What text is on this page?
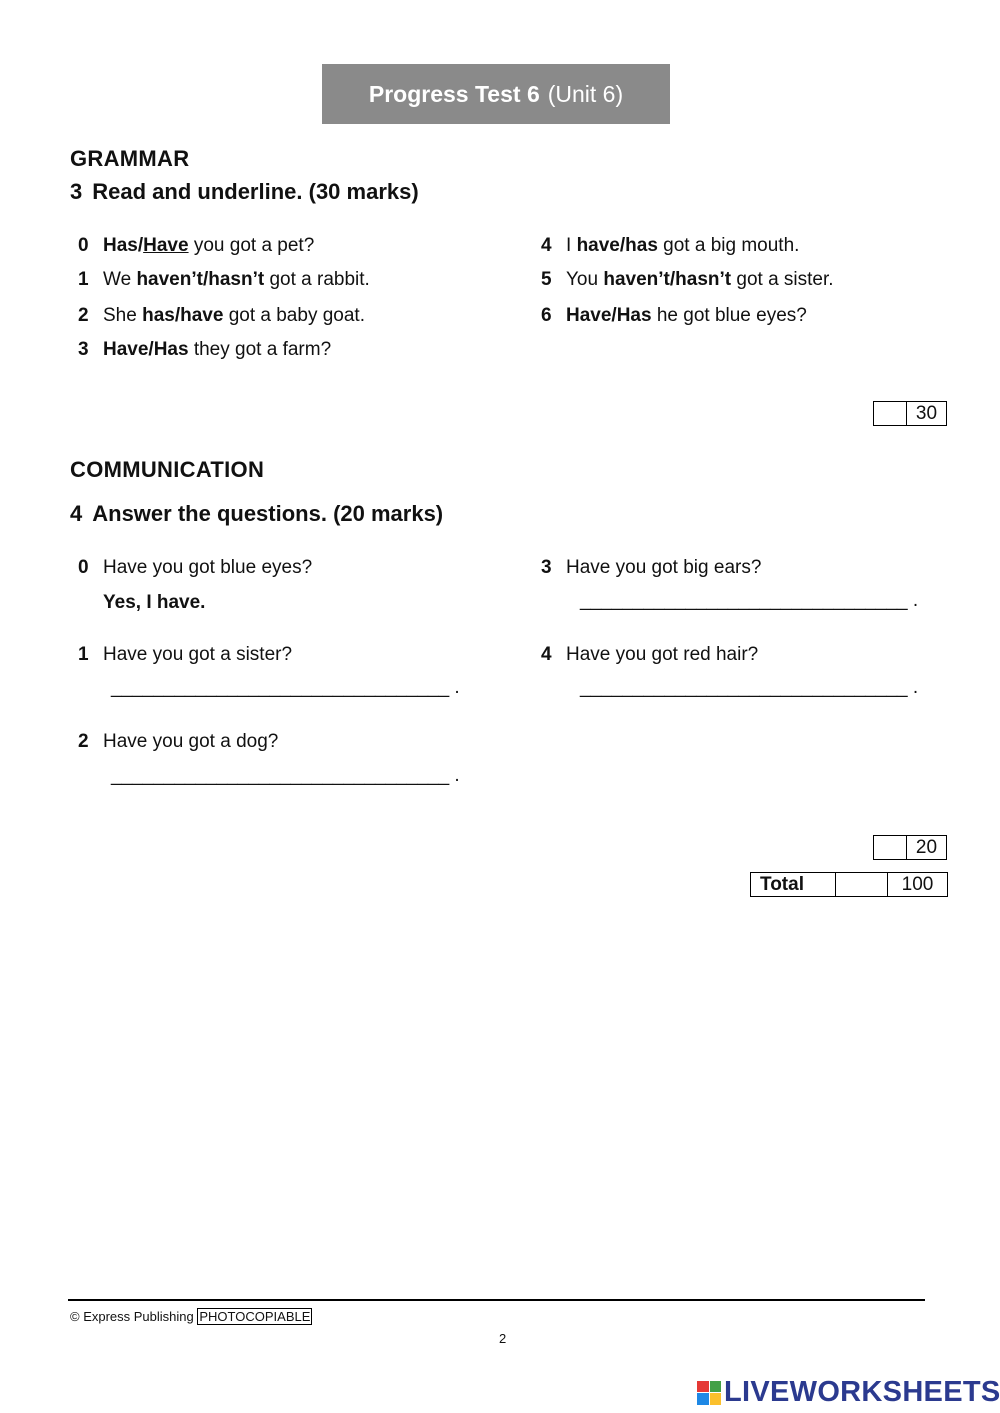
Progress Test 6 (Unit 6)
GRAMMAR
3 Read and underline. (30 marks)
0 Has/Have you got a pet?
1 We haven’t/hasn’t got a rabbit.
2 She has/have got a baby goat.
3 Have/Has they got a farm?
4 I have/has got a big mouth.
5 You haven’t/hasn’t got a sister.
6 Have/Has he got blue eyes?
30
COMMUNICATION
4 Answer the questions. (20 marks)
0 Have you got blue eyes?
Yes, I have.
1 Have you got a sister?
________________________________ .
2 Have you got a dog?
________________________________ .
3 Have you got big ears?
_______________________________ .
4 Have you got red hair?
_______________________________ .
20
Total	100
© Express Publishing PHOTOCOPIABLE
2
LIVEWORKSHEETS
